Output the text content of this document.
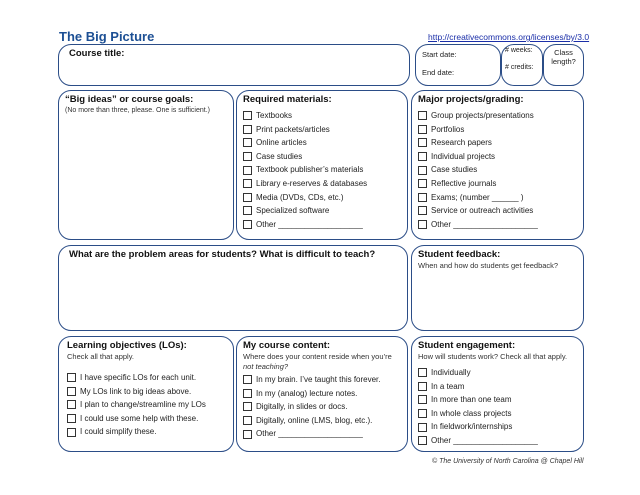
The Big Picture	http://creativecommons.org/licenses/by/3.0
Course title:	Start date:
End date:
# weeks:
# credits:
Class
length?
“Big ideas” or course goals:
(No more than three, please. One is sufficient.)
Required materials:
Textbooks
Print packets/articles
Online articles
Case studies
Textbook publisher’s materials
Library e-reserves & databases
Media (DVDs, CDs, etc.)
Specialized software
Other ___________________
Major projects/grading:
Group projects/presentations
Portfolios
Research papers
Individual projects
Case studies
Reflective journals
Exams; (number ______ )
Service or outreach activities
Other ___________________
What are the problem areas for students? What is difficult to teach?	Student feedback:
When and how do students get feedback?
Learning objectives (LOs):
Check all that apply.
I have specific LOs for each unit.
My LOs link to big ideas above.
I plan to change/streamline my LOs
I could use some help with these.
I could simplify these.
My course content:
Where does your content reside when you’re
not teaching?
In my brain. I’ve taught this forever.
In my (analog) lecture notes.
Digitally, in slides or docs.
Digitally, online (LMS, blog, etc.).
Other ___________________
Student engagement:
How will students work? Check all that apply.
Individually
In a team
In more than one team
In whole class projects
In fieldwork/internships
Other ___________________
© The University of North Carolina @ Chapel Hill
